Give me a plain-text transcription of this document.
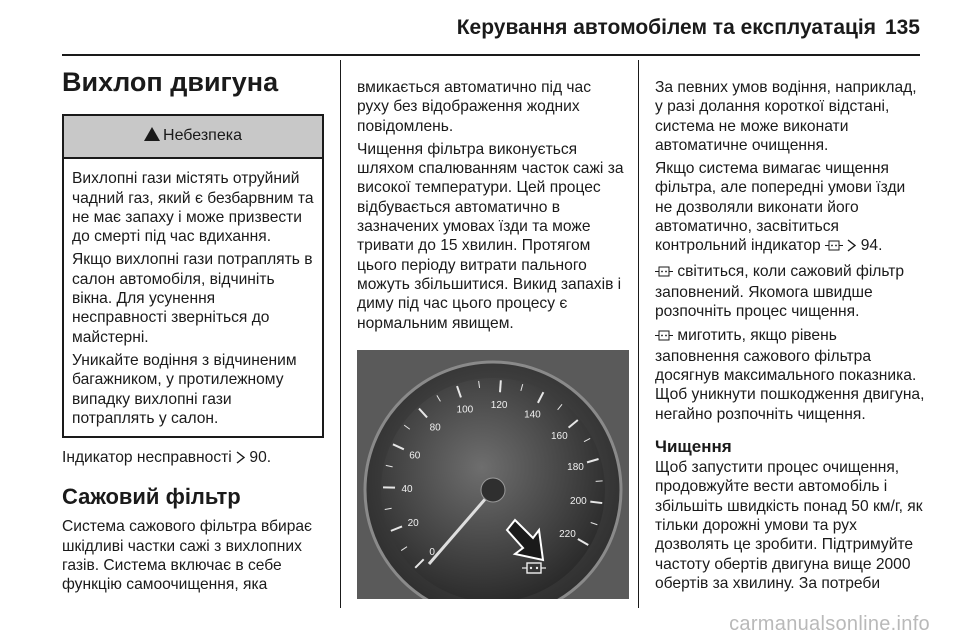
Керування автомобілем та експлуатація 135
Вихлоп двигуна
Небезпека

Вихлопні гази містять отруйний чадний газ, який є безбарвним та не має запаху і може призвести до смерті під час вдихання.

Якщо вихлопні гази потраплять в салон автомобіля, відчиніть вікна. Для усунення несправності зверніться до майстерні.

Уникайте водіння з відчиненим багажником, у протилежному випадку вихлопні гази потраплять у салон.

Індикатор несправності 90.

Сажовий фільтр

Система сажового фільтра вбирає шкідливі частки сажі з вихлопних газів. Система включає в себе функцію самоочищення, яка

вмикається автоматично під час руху без відображення жодних повідомлень.

Чищення фільтра виконується шляхом спалюванням часток сажі за високої температури. Цей процес відбувається автоматично в зазначених умовах їзди та може тривати до 15 хвилин. Протягом цього періоду витрати пального можуть збільшитися. Викид запахів і диму під час цього процесу є нормальним явищем.

0
20
40
60
80
100 120
140
160
180
200
220

За певних умов водіння, наприклад, у разі долання короткої відстані, система не може виконати автоматичне очищення.

Якщо система вимагає чищення фільтра, але попередні умови їзди не дозволяли виконати його автоматично, засвітиться контрольний індикатор	94.

світиться, коли сажовий фільтр заповнений. Якомога швидше розпочніть процес чищення.

миготить, якщо рівень заповнення сажового фільтра досягнув максимального показника. Щоб уникнути пошкодження двигуна, негайно розпочніть чищення.

Чищення

Щоб запустити процес очищення, продовжуйте вести автомобіль і збільшіть швидкість понад 50 км/г, як тільки дорожні умови та рух дозволять це зробити. Підтримуйте частоту обертів двигуна вище 2000 обертів за хвилину. За потреби

carmanualsonline.info
